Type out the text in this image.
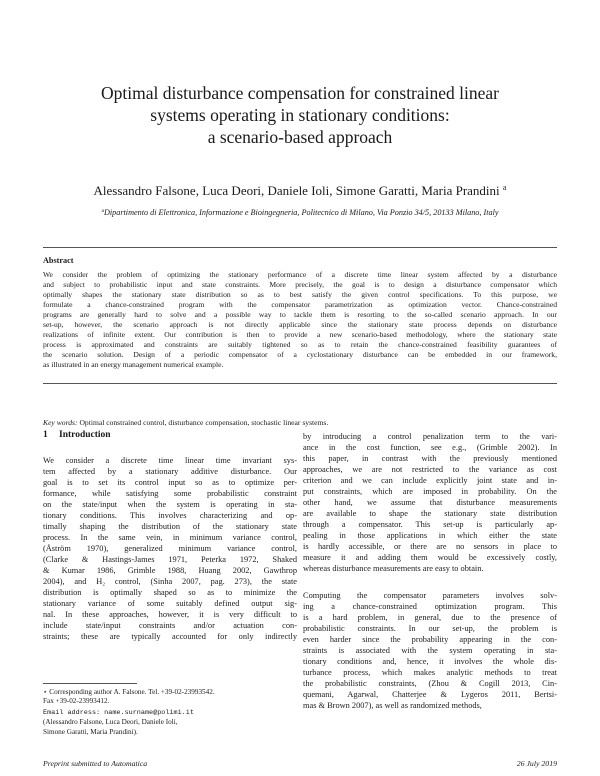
Optimal disturbance compensation for constrained linear
systems operating in stationary conditions:
a scenario-based approach
Alessandro Falsone, Luca Deori, Daniele Ioli, Simone Garatti, Maria Prandini $^a$
$^a$Dipartimento di Elettronica, Informazione e Bioingegneria, Politecnico di Milano, Via Ponzio 34/5, 20133 Milano, Italy
Abstract
We consider the problem of optimizing the stationary performance of a discrete time linear system affected by a disturbance
and subject to probabilistic input and state constraints. More precisely, the goal is to design a disturbance compensator which
optimally shapes the stationary state distribution so as to best satisfy the given control specifications. To this purpose, we
formulate a chance-constrained program with the compensator parametrization as optimization vector. Chance-constrained
programs are generally hard to solve and a possible way to tackle them is resorting to the so-called scenario approach. In our
set-up, however, the scenario approach is not directly applicable since the stationary state process depends on disturbance
realizations of infinite extent. Our contribution is then to provide a new scenario-based methodology, where the stationary state
process is approximated and constraints are suitably tightened so as to retain the chance-constrained feasibility guarantees of
the scenario solution. Design of a periodic compensator of a cyclostationary disturbance can be embedded in our framework,
as illustrated in an energy management numerical example.
Key words: Optimal constrained control, disturbance compensation, stochastic linear systems.
1 Introduction
We consider a discrete time linear time invariant sys-
tem affected by a stationary additive disturbance. Our
goal is to set its control input so as to optimize per-
formance, while satisfying some probabilistic constraint
on the state/input when the system is operating in sta-
tionary conditions. This involves characterizing and op-
timally shaping the distribution of the stationary state
process. In the same vein, in minimum variance control,
(Åström 1970), generalized minimum variance control,
(Clarke & Hastings-James 1971, Peterka 1972, Shaked
& Kumar 1986, Grimble 1988, Huang 2002, Gawthrop
2004), and H₂ control, (Sinha 2007, pag. 273), the state
distribution is optimally shaped so as to minimize the
stationary variance of some suitably defined output sig-
nal. In these approaches, however, it is very difficult to
include state/input constraints and/or actuation con-
straints; these are typically accounted for only indirectly
⋆ Corresponding author A. Falsone. Tel. +39-02-23993542.
Fax +39-02-23993412.
Email address: name.surname@polimi.it
(Alessandro Falsone, Luca Deori, Daniele Ioli,
Simone Garatti, Maria Prandini).
by introducing a control penalization term to the vari-
ance in the cost function, see e.g., (Grimble 2002). In
this paper, in contrast with the previously mentioned
approaches, we are not restricted to the variance as cost
criterion and we can include explicitly joint state and in-
put constraints, which are imposed in probability. On the
other hand, we assume that disturbance measurements
are available to shape the stationary state distribution
through a compensator. This set-up is particularly ap-
pealing in those applications in which either the state
is hardly accessible, or there are no sensors in place to
measure it and adding them would be excessively costly,
whereas disturbance measurements are easy to obtain.
Computing the compensator parameters involves solv-
ing a chance-constrained optimization program. This
is a hard problem, in general, due to the presence of
probabilistic constraints. In our set-up, the problem is
even harder since the probability appearing in the con-
straints is associated with the system operating in sta-
tionary conditions and, hence, it involves the whole dis-
turbance process, which makes analytic methods to treat
the probabilistic constraints, (Zhou & Cogill 2013, Cin-
quemani, Agarwal, Chatterjee & Lygeros 2011, Bertsi-
mas & Brown 2007), as well as randomized methods,
Preprint submitted to Automatica	26 July 2019
